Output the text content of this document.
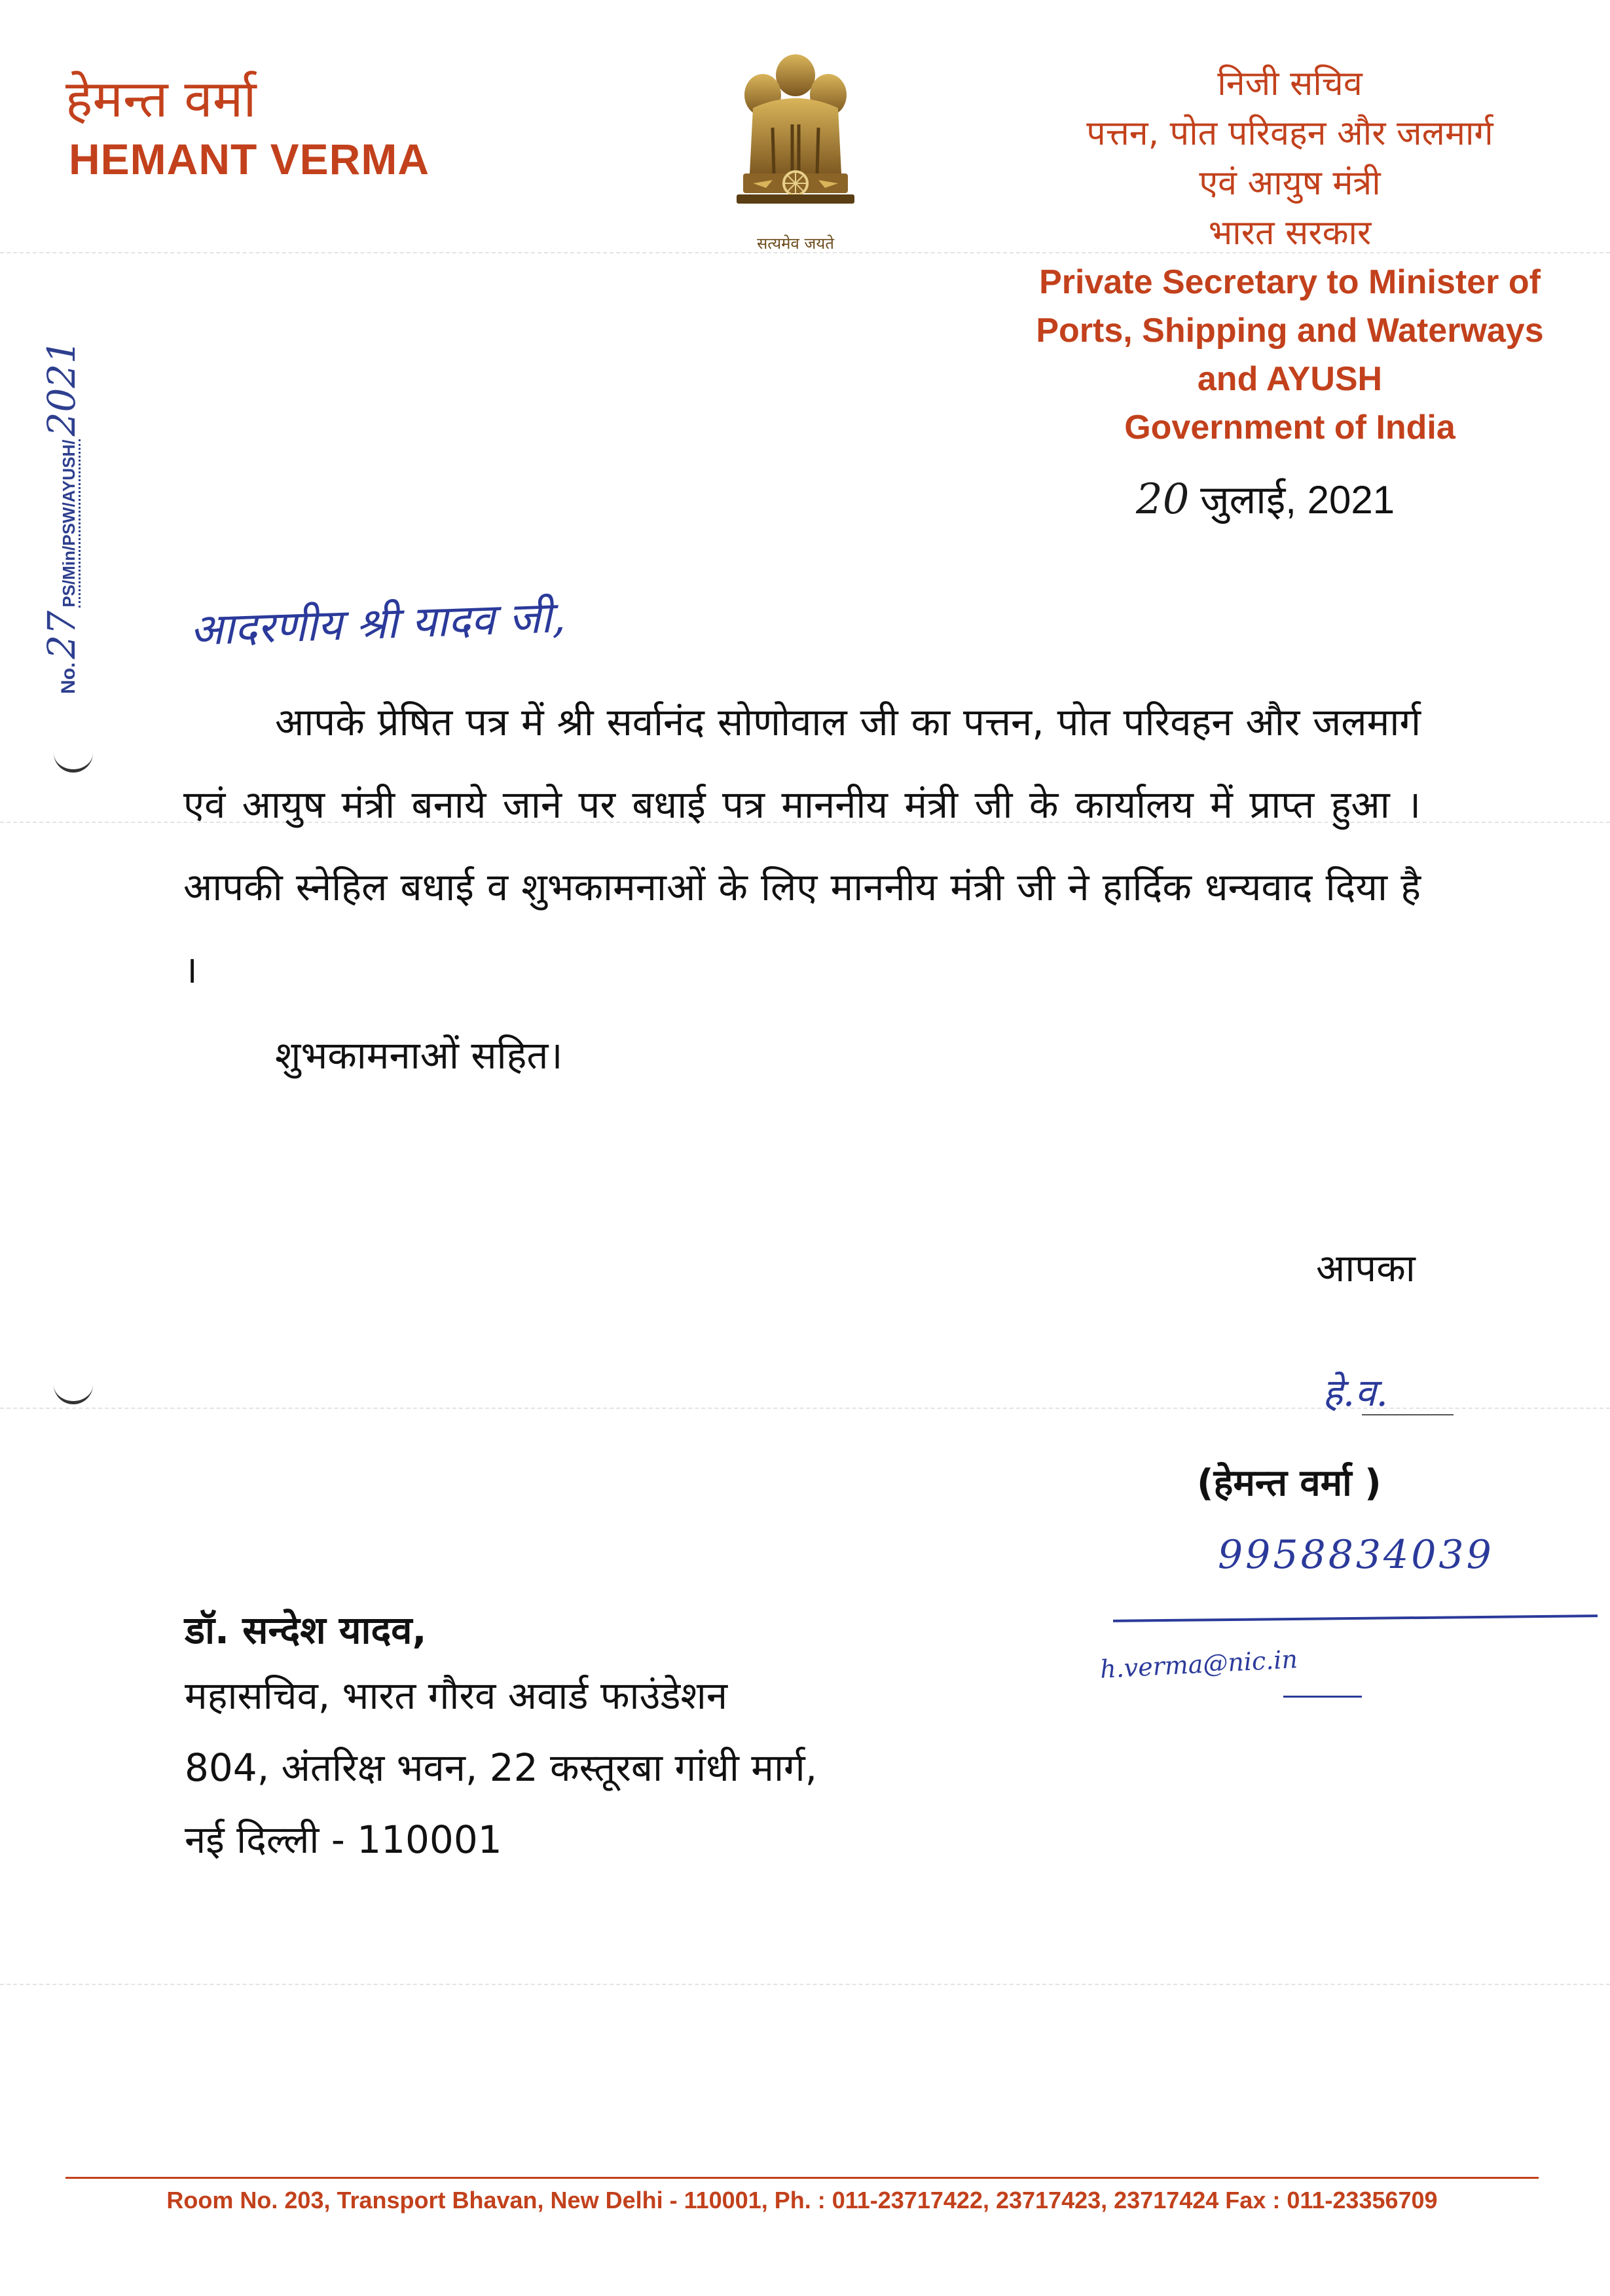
हेमन्त वर्मा
HEMANT VERMA
सत्यमेव जयते
निजी सचिव
पत्तन, पोत परिवहन और जलमार्ग
एवं आयुष मंत्री
भारत सरकार
Private Secretary to Minister of
Ports, Shipping and Waterways
and AYUSH
Government of India
No. 27 PS/Min/PSW/AYUSH/ 2021
20 जुलाई, 2021
आदरणीय श्री यादव जी,
आपके प्रेषित पत्र में श्री सर्वानंद सोणोवाल जी का पत्तन, पोत परिवहन और जलमार्ग एवं आयुष मंत्री बनाये जाने पर बधाई पत्र माननीय मंत्री जी के कार्यालय में प्राप्त हुआ । आपकी स्नेहिल बधाई व शुभकामनाओं के लिए माननीय मंत्री जी ने हार्दिक धन्यवाद दिया है ।
शुभकामनाओं सहित।
आपका
हे.व.
(हेमन्त वर्मा )
9958834039
h.verma@nic.in
डॉ. सन्देश यादव,
महासचिव, भारत गौरव अवार्ड फाउंडेशन
804, अंतरिक्ष भवन, 22 कस्तूरबा गांधी मार्ग,
नई दिल्ली - 110001
Room No. 203, Transport Bhavan, New Delhi - 110001, Ph. : 011-23717422, 23717423, 23717424 Fax : 011-23356709
